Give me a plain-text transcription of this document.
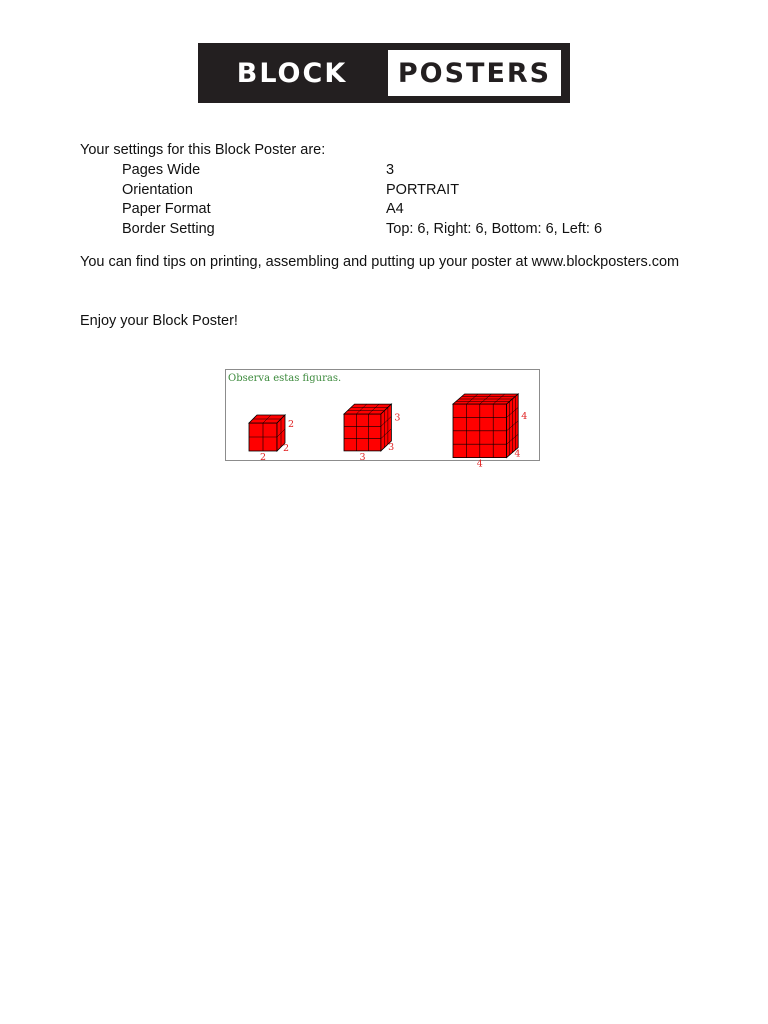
BLOCK	POSTERS
Your settings for this Block Poster are:
Pages Wide	3
Orientation	PORTRAIT
Paper Format	A4
Border Setting	Top: 6, Right: 6, Bottom: 6, Left: 6
You can find tips on printing, assembling and putting up your poster at www.blockposters.com
Enjoy your Block Poster!
Observa estas figuras.
2
2
2
3
3
3
4
4
4
